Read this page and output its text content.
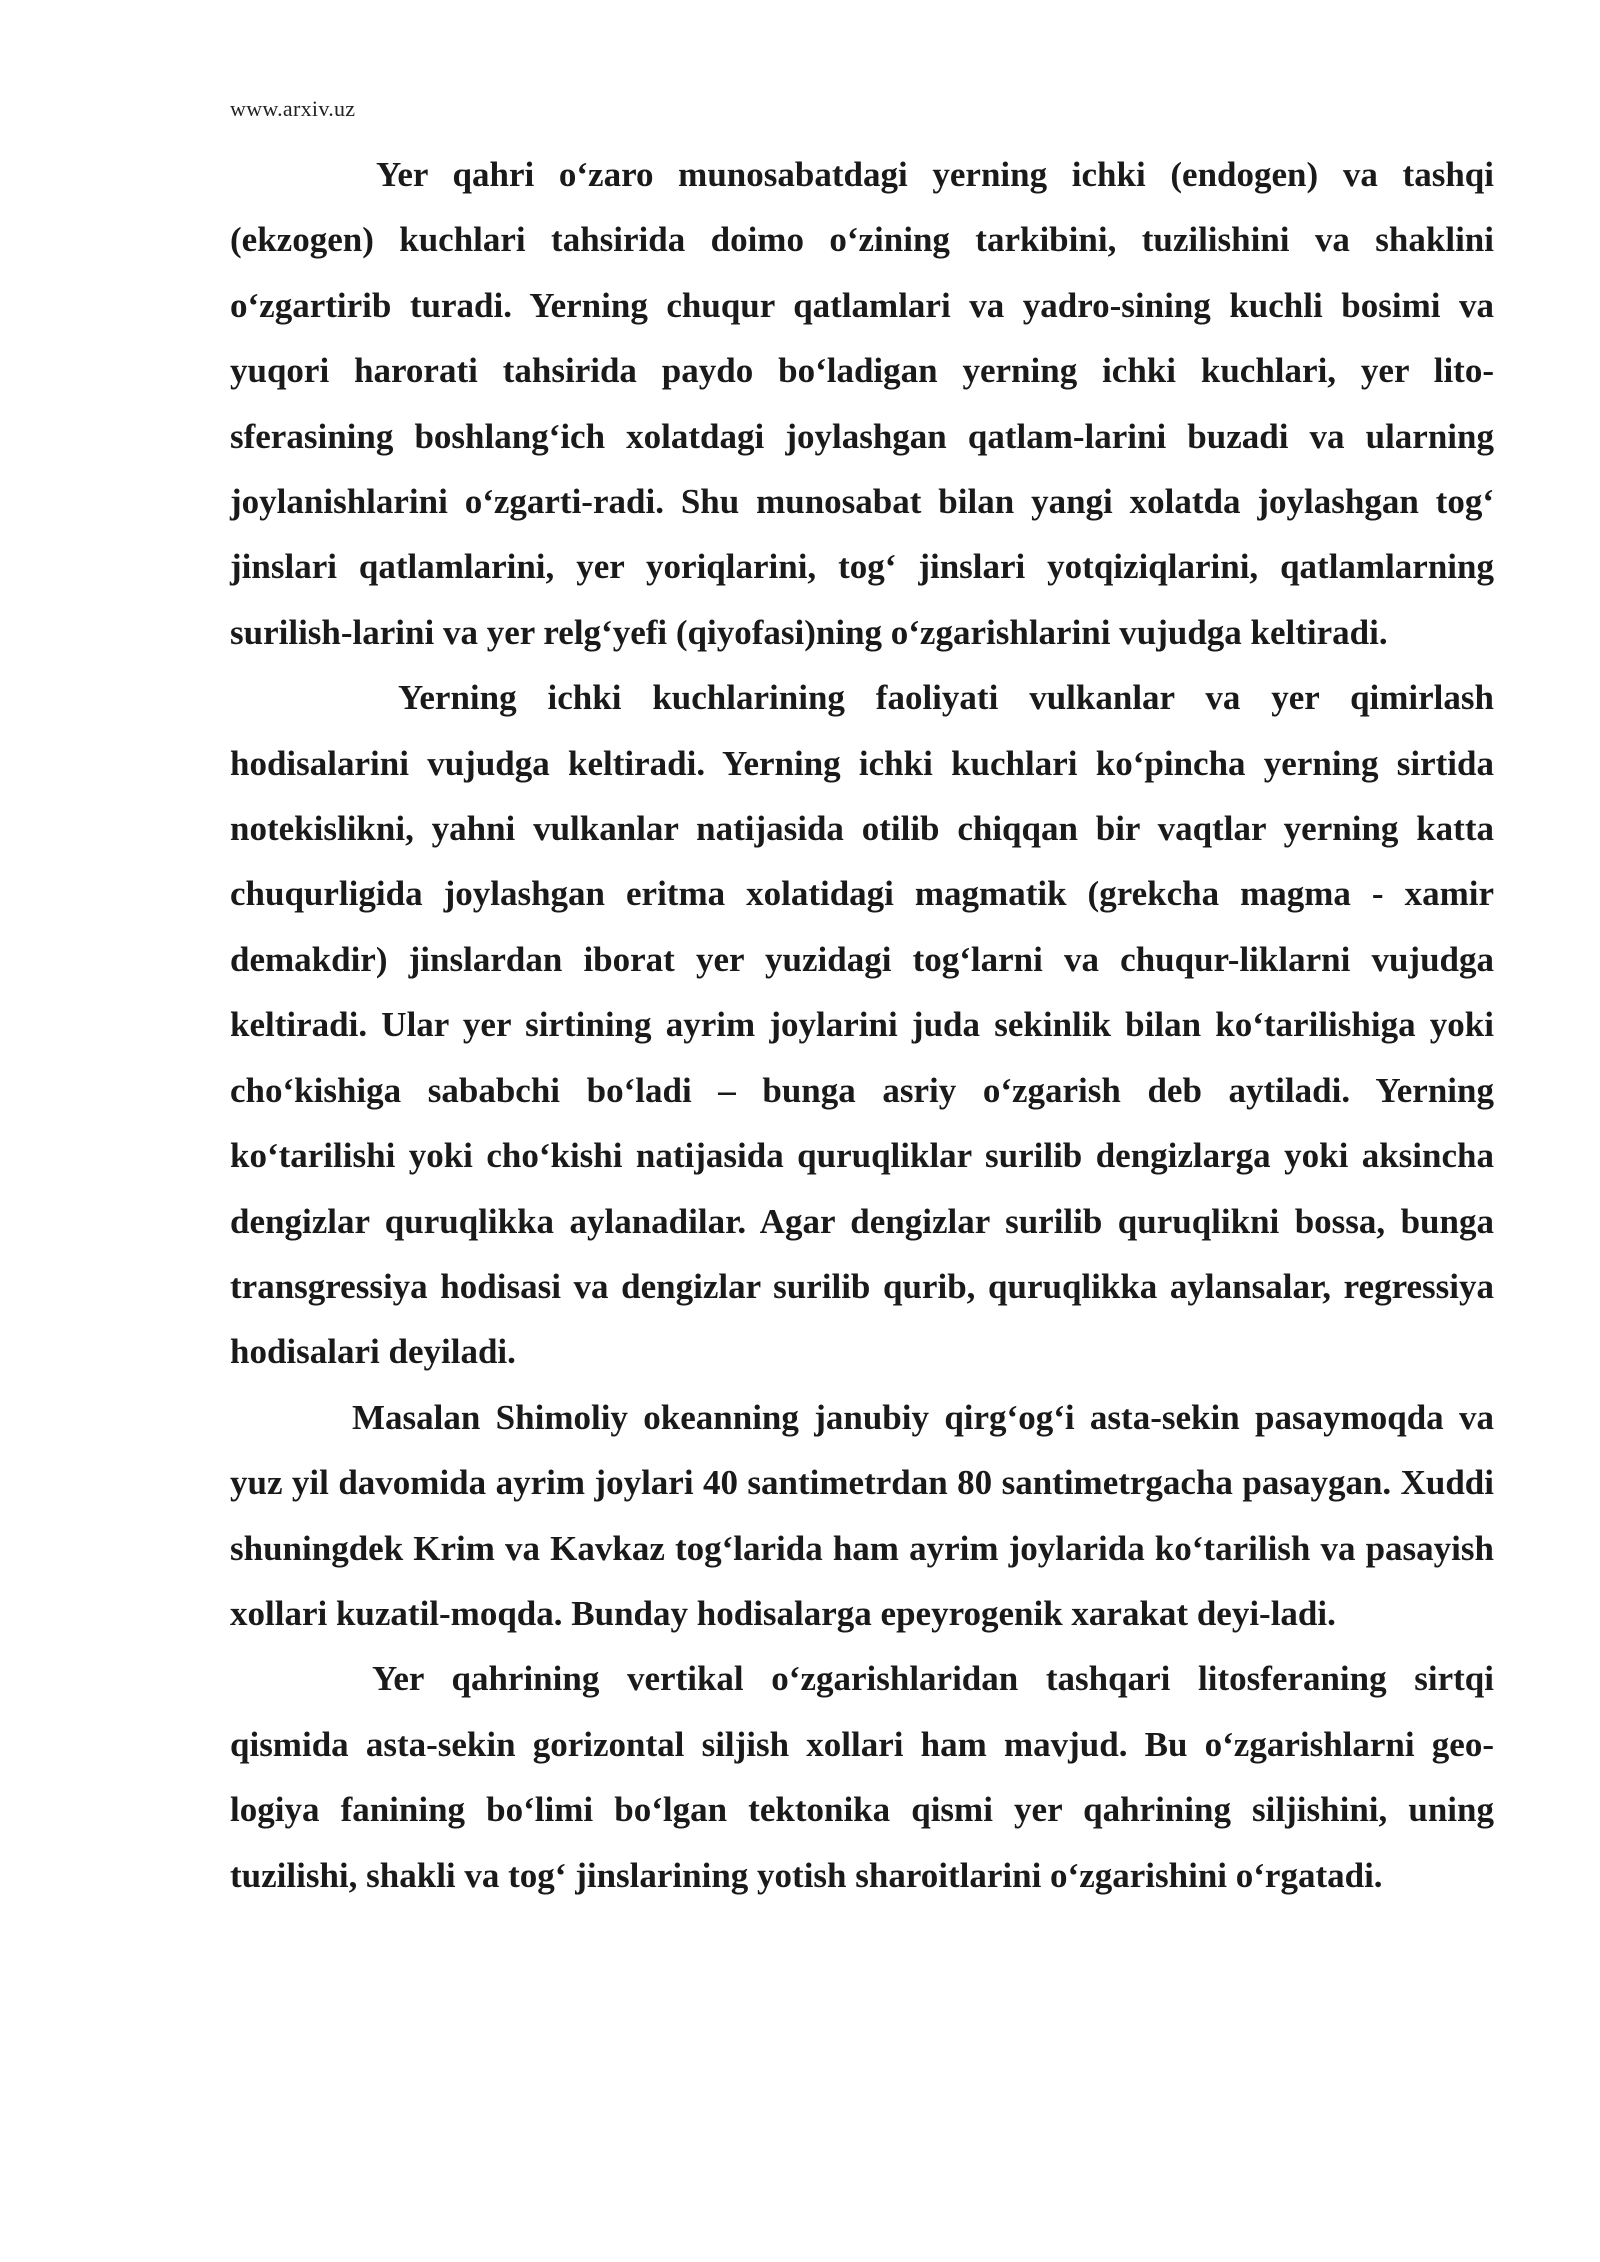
www.arxiv.uz

Yer qahri o‘zaro munosabatdagi yerning ichki (endogen) va tashqi (ekzogen) kuchlari tahsirida doimo o‘zining tarkibini, tuzilishini va shaklini o‘zgartirib turadi. Yerning chuqur qatlamlari va yadro-sining kuchli bosimi va yuqori harorati tahsirida paydo bo‘ladigan yerning ichki kuchlari, yer lito-sferasining boshlang‘ich xolatdagi joylashgan qatlam-larini buzadi va ularning joylanishlarini o‘zgarti-radi. Shu munosabat bilan yangi xolatda joylashgan tog‘ jinslari qatlamlarini, yer yoriqlarini, tog‘ jinslari yotqiziqlarini, qatlamlarning surilish-larini va yer relg‘yefi (qiyofasi)ning o‘zgarishlarini vujudga keltiradi.

Yerning ichki kuchlarining faoliyati vulkanlar va yer qimirlash hodisalarini vujudga keltiradi. Yerning ichki kuchlari ko‘pincha yerning sirtida notekislikni, yahni vulkanlar natijasida otilib chiqqan bir vaqtlar yerning katta chuqurligida joylashgan eritma xolatidagi magmatik (grekcha magma - xamir demakdir) jinslardan iborat yer yuzidagi tog‘larni va chuqur-liklarni vujudga keltiradi. Ular yer sirtining ayrim joylarini juda sekinlik bilan ko‘tarilishiga yoki cho‘kishiga sababchi bo‘ladi – bunga asriy o‘zgarish deb aytiladi. Yerning ko‘tarilishi yoki cho‘kishi natijasida quruqliklar surilib dengizlarga yoki aksincha dengizlar quruqlikka aylanadilar. Agar dengizlar surilib quruqlikni bossa, bunga transgressiya hodisasi va dengizlar surilib qurib, quruqlikka aylansalar, regressiya hodisalari deyiladi.

Masalan Shimoliy okeanning janubiy qirg‘og‘i asta-sekin pasaymoqda va yuz yil davomida ayrim joylari 40 santimetrdan 80 santimetrgacha pasaygan. Xuddi shuningdek Krim va Kavkaz tog‘larida ham ayrim joylarida ko‘tarilish va pasayish xollari kuzatil-moqda. Bunday hodisalarga epeyrogenik xarakat deyi-ladi.

Yer qahrining vertikal o‘zgarishlaridan tashqari litosferaning sirtqi qismida asta-sekin gorizontal siljish xollari ham mavjud. Bu o‘zgarishlarni geo-logiya fanining bo‘limi bo‘lgan tektonika qismi yer qahrining siljishini, uning tuzilishi, shakli va tog‘ jinslarining yotish sharoitlarini o‘zgarishini o‘rgatadi.
